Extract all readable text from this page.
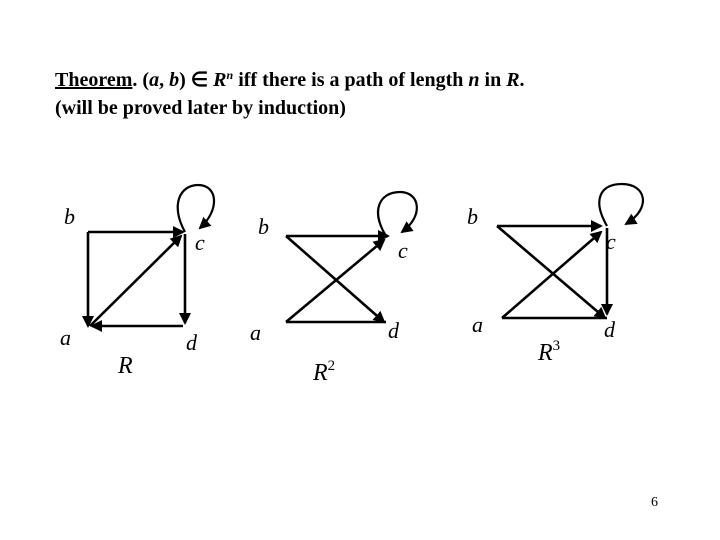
Theorem. (a, b) ∈ $R^n$ iff there is a path of length n in R.
(will be proved later by induction)
b
c
a	d
R
b
c
a	d
$R^2$
b
c
a	d
$R^3$
6
